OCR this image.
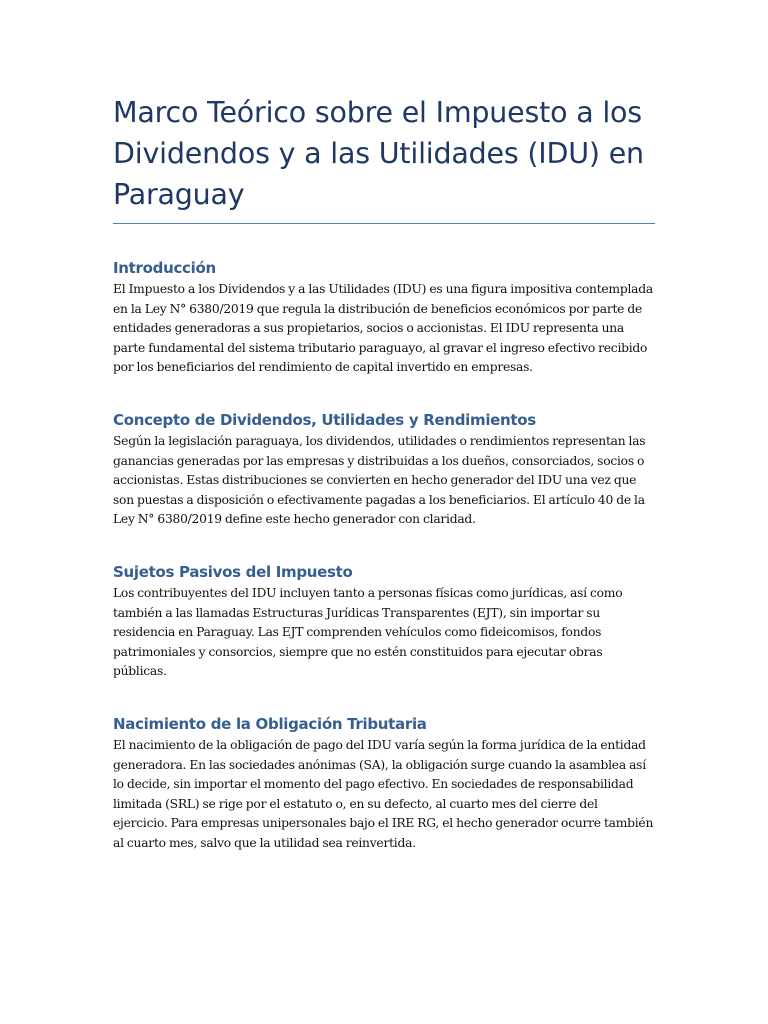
Marco Teórico sobre el Impuesto a los Dividendos y a las Utilidades (IDU) en Paraguay
Introducción

El Impuesto a los Dividendos y a las Utilidades (IDU) es una figura impositiva contemplada en la Ley N° 6380/2019 que regula la distribución de beneficios económicos por parte de entidades generadoras a sus propietarios, socios o accionistas. El IDU representa una parte fundamental del sistema tributario paraguayo, al gravar el ingreso efectivo recibido por los beneficiarios del rendimiento de capital invertido en empresas.

Concepto de Dividendos, Utilidades y Rendimientos

Según la legislación paraguaya, los dividendos, utilidades o rendimientos representan las ganancias generadas por las empresas y distribuidas a los dueños, consorciados, socios o accionistas. Estas distribuciones se convierten en hecho generador del IDU una vez que son puestas a disposición o efectivamente pagadas a los beneficiarios. El artículo 40 de la Ley N° 6380/2019 define este hecho generador con claridad.

Sujetos Pasivos del Impuesto

Los contribuyentes del IDU incluyen tanto a personas físicas como jurídicas, así como también a las llamadas Estructuras Jurídicas Transparentes (EJT), sin importar su residencia en Paraguay. Las EJT comprenden vehículos como fideicomisos, fondos patrimoniales y consorcios, siempre que no estén constituidos para ejecutar obras públicas.

Nacimiento de la Obligación Tributaria

El nacimiento de la obligación de pago del IDU varía según la forma jurídica de la entidad generadora. En las sociedades anónimas (SA), la obligación surge cuando la asamblea así lo decide, sin importar el momento del pago efectivo. En sociedades de responsabilidad limitada (SRL) se rige por el estatuto o, en su defecto, al cuarto mes del cierre del ejercicio. Para empresas unipersonales bajo el IRE RG, el hecho generador ocurre también al cuarto mes, salvo que la utilidad sea reinvertida.
